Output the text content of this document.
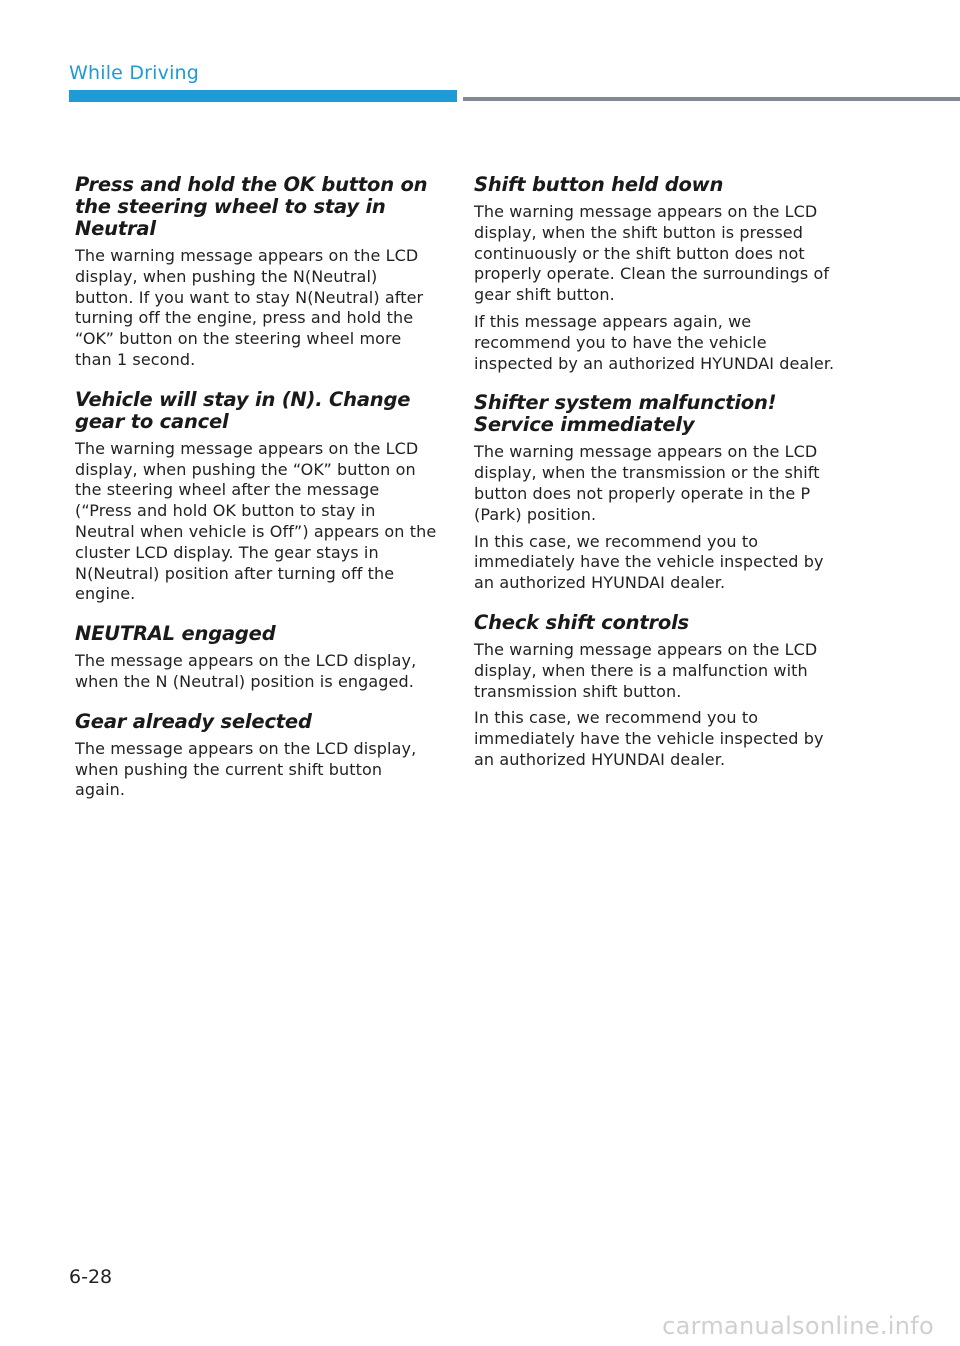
While Driving
Press and hold the OK button on the steering wheel to stay in Neutral

The warning message appears on the LCD display, when pushing the N(Neutral) button. If you want to stay N(Neutral) after turning off the engine, press and hold the “OK” button on the steering wheel more than 1 second.

Vehicle will stay in (N). Change gear to cancel

The warning message appears on the LCD display, when pushing the “OK” button on the steering wheel after the message (“Press and hold OK button to stay in Neutral when vehicle is Off”) appears on the cluster LCD display. The gear stays in N(Neutral) position after turning off the engine.

NEUTRAL engaged

The message appears on the LCD display, when the N (Neutral) position is engaged.

Gear already selected

The message appears on the LCD display, when pushing the current shift button again.

Shift button held down

The warning message appears on the LCD display, when the shift button is pressed continuously or the shift button does not properly operate. Clean the surroundings of gear shift button.

If this message appears again, we recommend you to have the vehicle inspected by an authorized HYUNDAI dealer.

Shifter system malfunction! Service immediately

The warning message appears on the LCD display, when the transmission or the shift button does not properly operate in the P (Park) position.

In this case, we recommend you to immediately have the vehicle inspected by an authorized HYUNDAI dealer.

Check shift controls

The warning message appears on the LCD display, when there is a malfunction with transmission shift button.

In this case, we recommend you to immediately have the vehicle inspected by an authorized HYUNDAI dealer.

6-28
carmanualsonline.info
